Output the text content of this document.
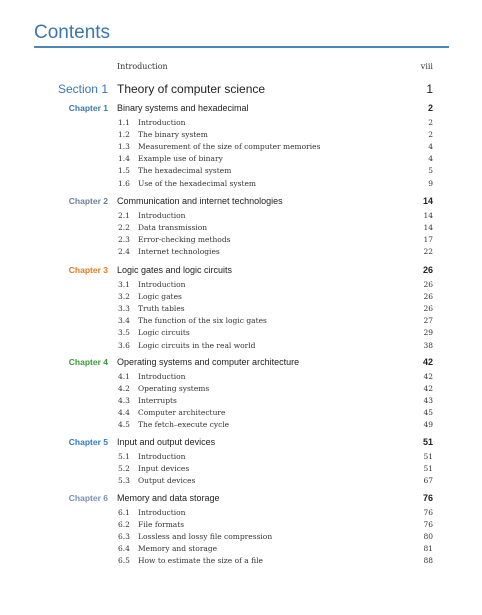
Contents
Introduction	viii
Section 1 Theory of computer science	1
Chapter 1 Binary systems and hexadecimal	2
1.1 Introduction	2
1.2 The binary system	2
1.3 Measurement of the size of computer memories	4
1.4 Example use of binary	4
1.5 The hexadecimal system	5
1.6 Use of the hexadecimal system	9
Chapter 2 Communication and internet technologies	14
2.1 Introduction	14
2.2 Data transmission	14
2.3 Error-checking methods	17
2.4 Internet technologies	22
Chapter 3 Logic gates and logic circuits	26
3.1 Introduction	26
3.2 Logic gates	26
3.3 Truth tables	26
3.4 The function of the six logic gates	27
3.5 Logic circuits	29
3.6 Logic circuits in the real world	38
Chapter 4 Operating systems and computer architecture	42
4.1 Introduction	42
4.2 Operating systems	42
4.3 Interrupts	43
4.4 Computer architecture	45
4.5 The fetch–execute cycle	49
Chapter 5 Input and output devices	51
5.1 Introduction	51
5.2 Input devices	51
5.3 Output devices	67
Chapter 6 Memory and data storage	76
6.1 Introduction	76
6.2 File formats	76
6.3 Lossless and lossy file compression	80
6.4 Memory and storage	81
6.5 How to estimate the size of a file	88
